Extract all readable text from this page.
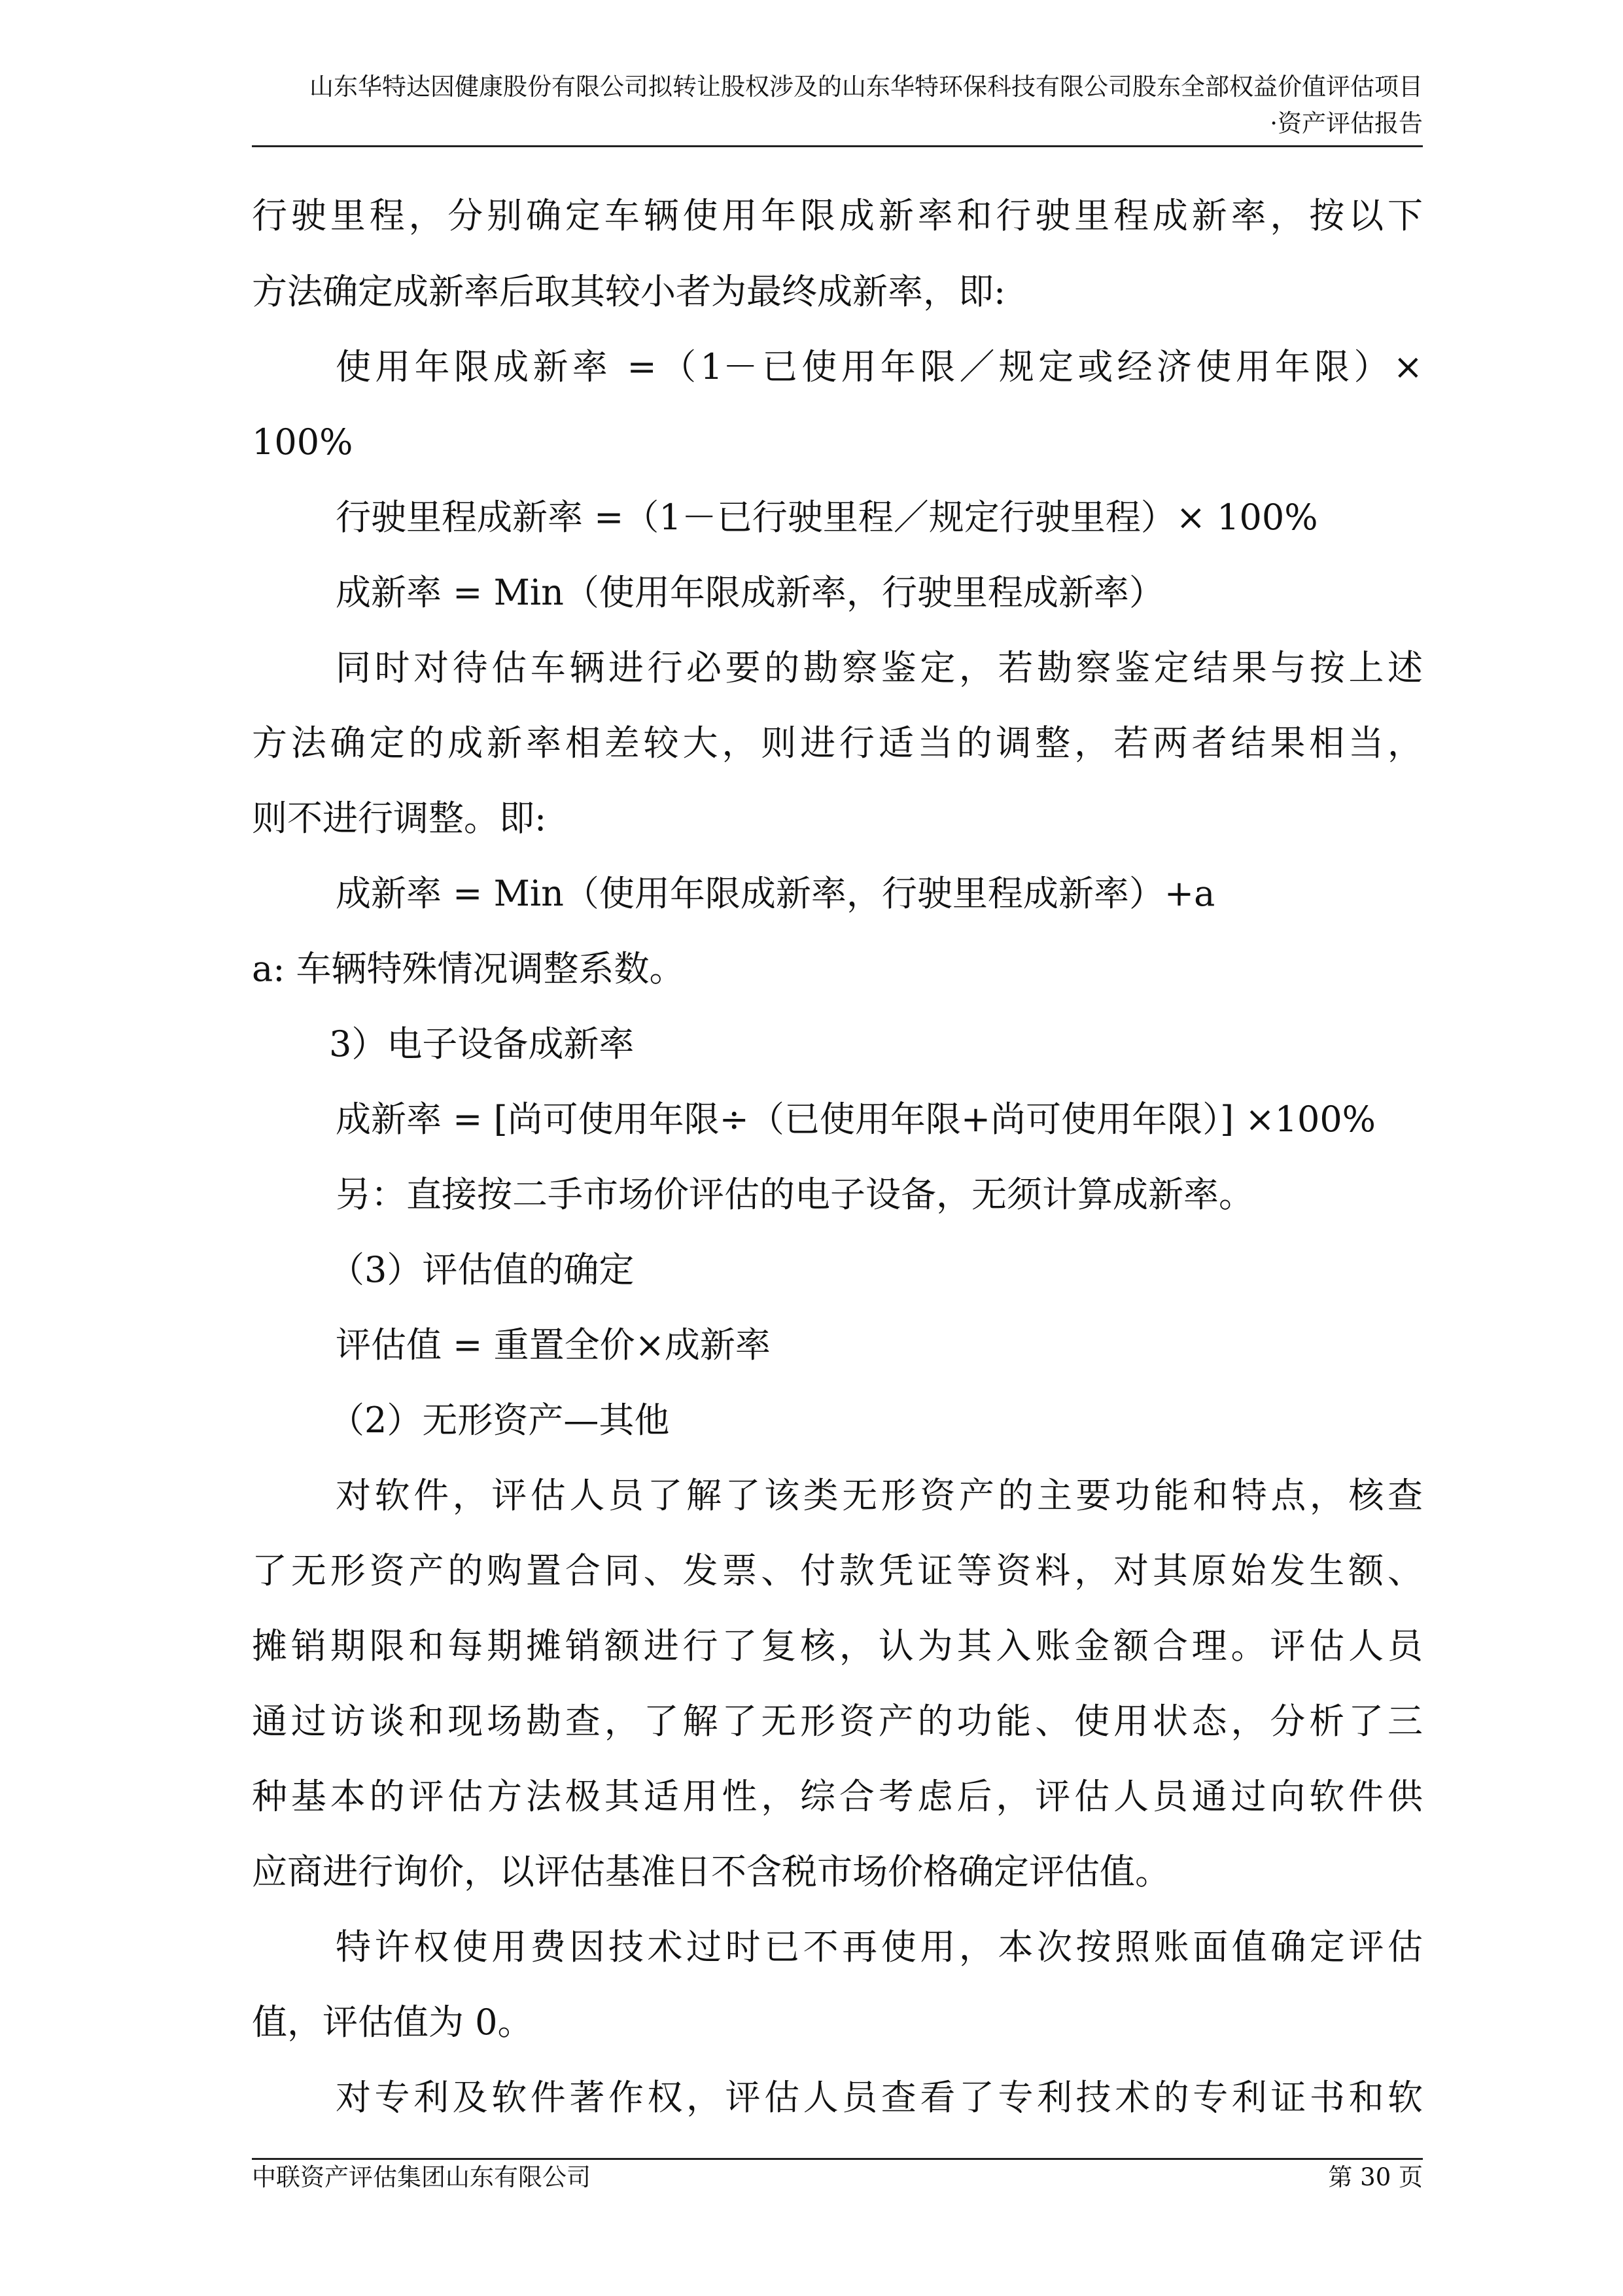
山东华特达因健康股份有限公司拟转让股权涉及的山东华特环保科技有限公司股东全部权益价值评估项目
·资产评估报告
行驶里程，分别确定车辆使用年限成新率和行驶里程成新率，按以下
方法确定成新率后取其较小者为最终成新率，即:
使用年限成新率 =（1－已使用年限／规定或经济使用年限）×
100%
行驶里程成新率 =（1－已行驶里程／规定行驶里程）× 100%
成新率 = Min（使用年限成新率，行驶里程成新率）
同时对待估车辆进行必要的勘察鉴定，若勘察鉴定结果与按上述
方法确定的成新率相差较大，则进行适当的调整，若两者结果相当，
则不进行调整。即:
成新率 = Min（使用年限成新率，行驶里程成新率）+a
a: 车辆特殊情况调整系数。
3）电子设备成新率
成新率 = [尚可使用年限÷（已使用年限+尚可使用年限）] ×100%
另：直接按二手市场价评估的电子设备，无须计算成新率。
（3）评估值的确定
评估值 = 重置全价×成新率
（2）无形资产—其他
对软件，评估人员了解了该类无形资产的主要功能和特点，核查
了无形资产的购置合同、发票、付款凭证等资料，对其原始发生额、
摊销期限和每期摊销额进行了复核，认为其入账金额合理。评估人员
通过访谈和现场勘查，了解了无形资产的功能、使用状态，分析了三
种基本的评估方法极其适用性，综合考虑后，评估人员通过向软件供
应商进行询价，以评估基准日不含税市场价格确定评估值。
特许权使用费因技术过时已不再使用，本次按照账面值确定评估
值，评估值为 0。
对专利及软件著作权，评估人员查看了专利技术的专利证书和软
中联资产评估集团山东有限公司	第 30 页
